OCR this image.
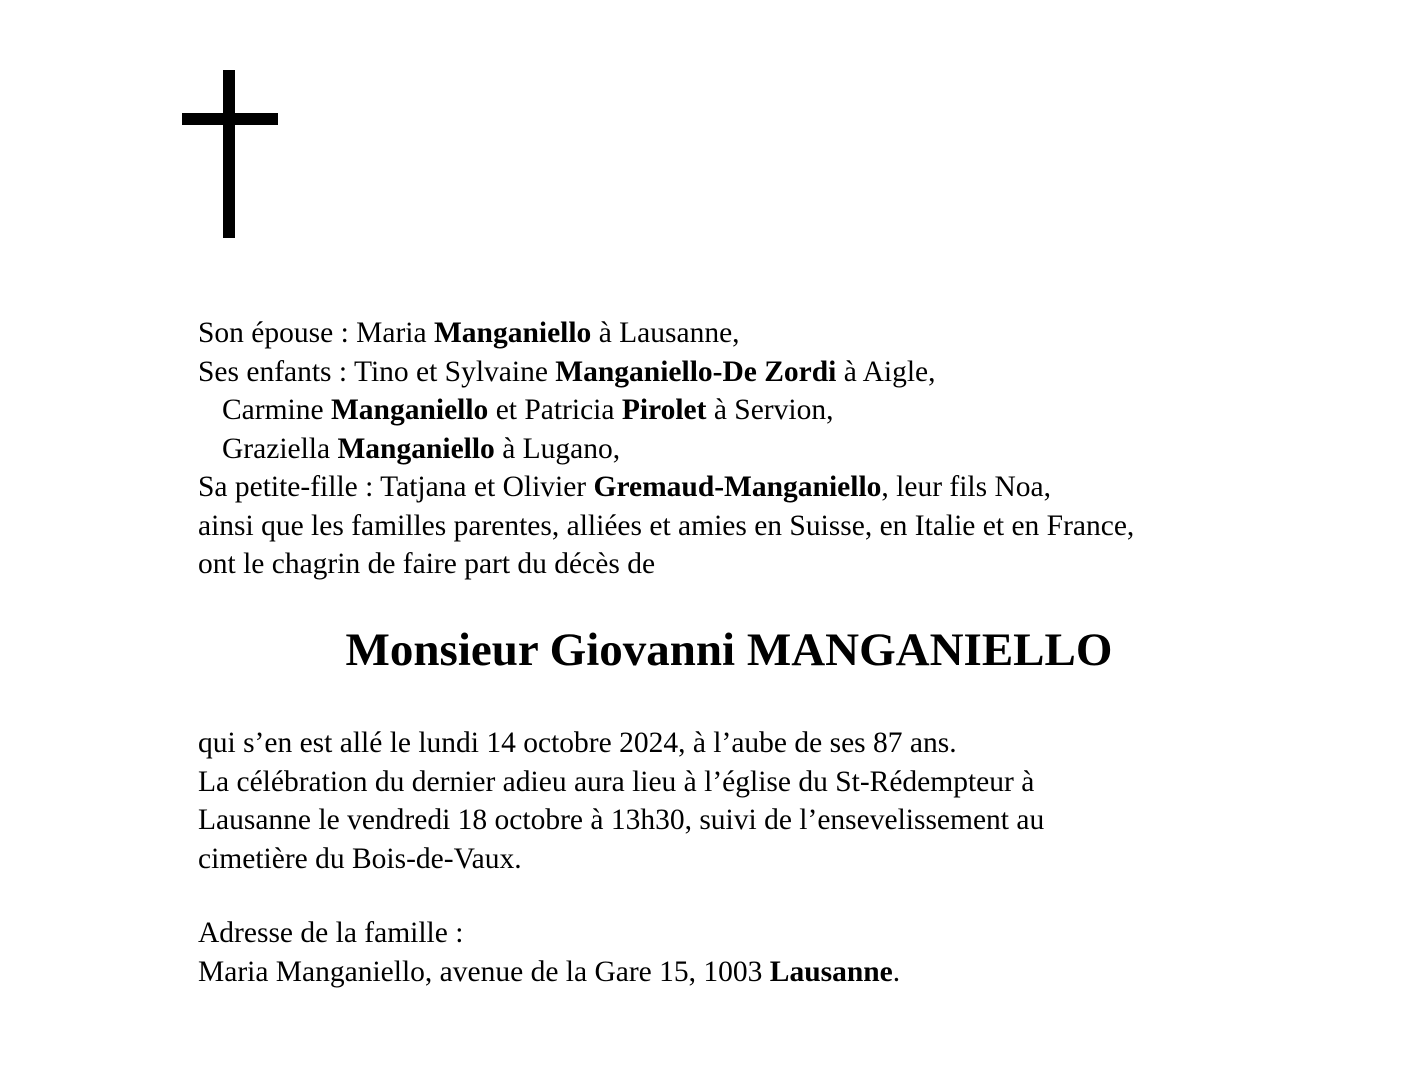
Son épouse : Maria Manganiello à Lausanne,
Ses enfants : Tino et Sylvaine Manganiello-De Zordi à Aigle,
Carmine Manganiello et Patricia Pirolet à Servion,
Graziella Manganiello à Lugano,
Sa petite-fille : Tatjana et Olivier Gremaud-Manganiello, leur fils Noa,
ainsi que les familles parentes, alliées et amies en Suisse, en Italie et en France,
ont le chagrin de faire part du décès de
Monsieur Giovanni MANGANIELLO
qui s’en est allé le lundi 14 octobre 2024, à l’aube de ses 87 ans.
La célébration du dernier adieu aura lieu à l’église du St-Rédempteur à
Lausanne le vendredi 18 octobre à 13h30, suivi de l’ensevelissement au
cimetière du Bois-de-Vaux.
Adresse de la famille :
Maria Manganiello, avenue de la Gare 15, 1003 Lausanne.
